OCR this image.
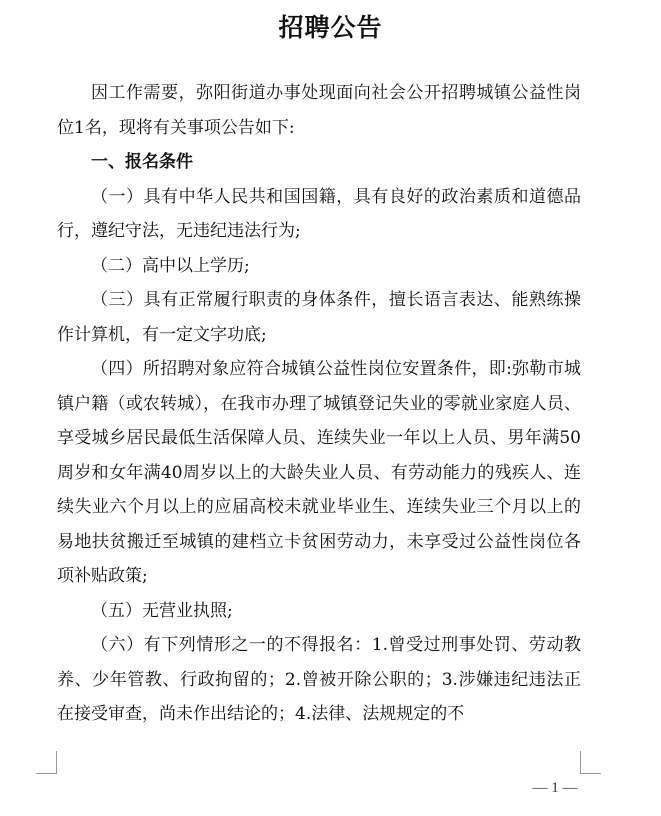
招聘公告

因工作需要，弥阳街道办事处现面向社会公开招聘城镇公益性岗位1名，现将有关事项公告如下:

一、报名条件

（一）具有中华人民共和国国籍，具有良好的政治素质和道德品行，遵纪守法，无违纪违法行为;

（二）高中以上学历;

（三）具有正常履行职责的身体条件，擅长语言表达、能熟练操作计算机，有一定文字功底;

（四）所招聘对象应符合城镇公益性岗位安置条件，即:弥勒市城镇户籍（或农转城），在我市办理了城镇登记失业的零就业家庭人员、享受城乡居民最低生活保障人员、连续失业一年以上人员、男年满50周岁和女年满40周岁以上的大龄失业人员、有劳动能力的残疾人、连续失业六个月以上的应届高校未就业毕业生、连续失业三个月以上的易地扶贫搬迁至城镇的建档立卡贫困劳动力，未享受过公益性岗位各项补贴政策;

（五）无营业执照;

（六）有下列情形之一的不得报名：1.曾受过刑事处罚、劳动教养、少年管教、行政拘留的；2.曾被开除公职的；3.涉嫌违纪违法正在接受审查，尚未作出结论的；4.法律、法规规定的不

— 1 —
